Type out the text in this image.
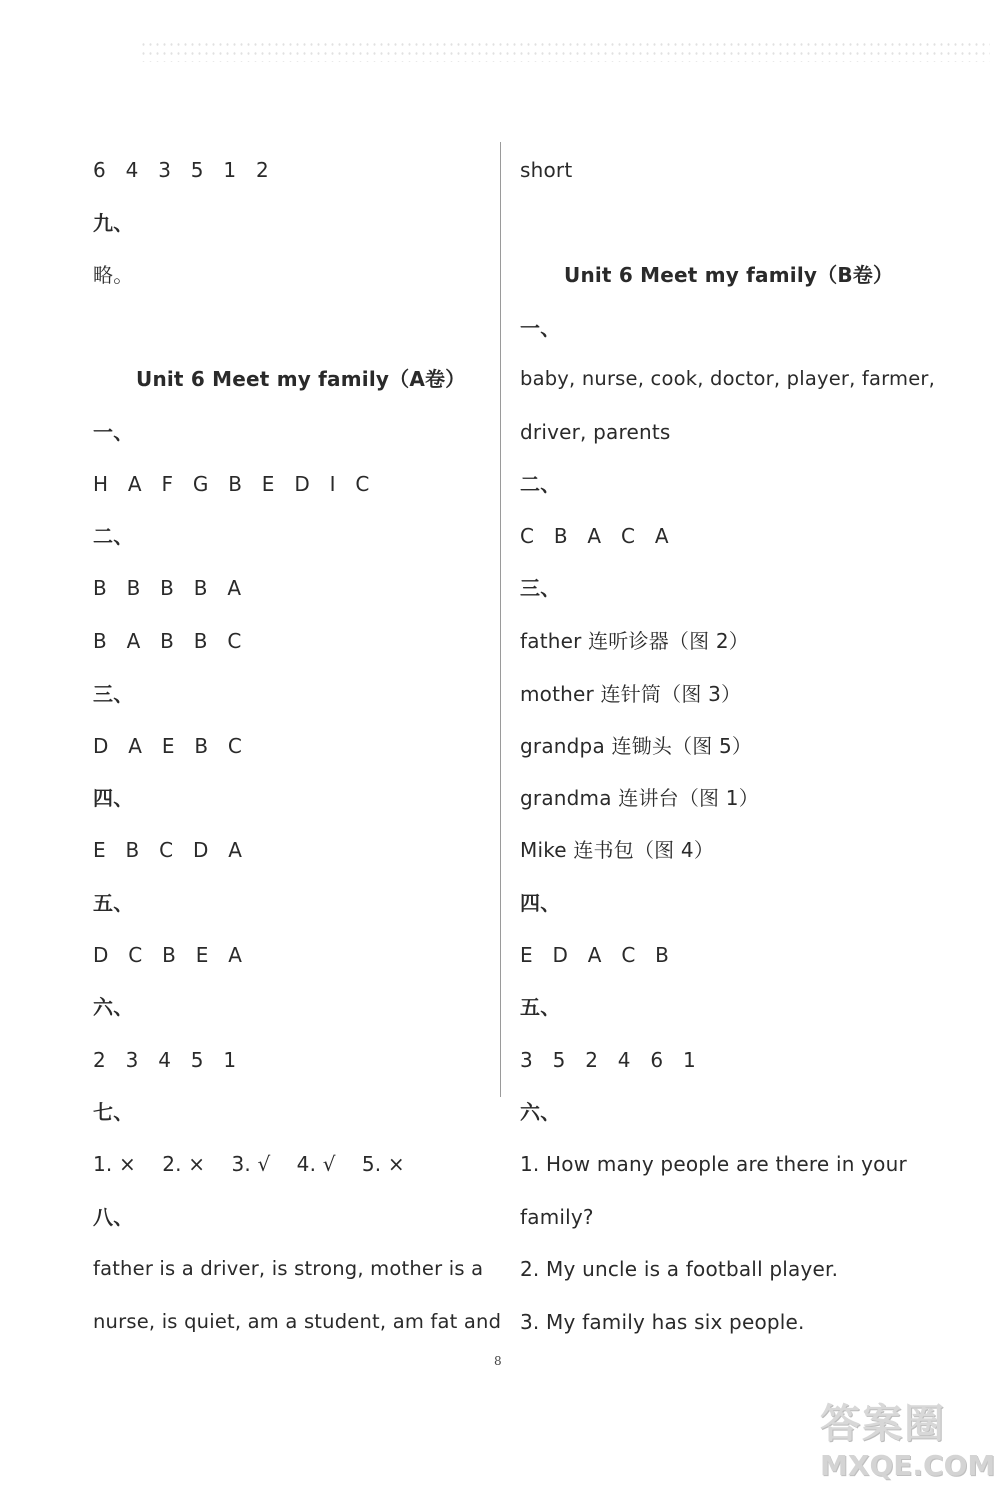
6   4   3   5   1   2
九、
略。
Unit 6 Meet my family（A卷）
一、
H   A   F   G   B   E   D   I   C
二、
B   B   B   B   A
B   A   B   B   C
三、
D   A   E   B   C
四、
E   B   C   D   A
五、
D   C   B   E   A
六、
2   3   4   5   1
七、
1. ×    2. ×    3. √    4. √    5. ×
八、
father is a driver, is strong, mother is a
nurse, is quiet, am a student, am fat and
short
Unit 6 Meet my family（B卷）
一、
baby, nurse, cook, doctor, player, farmer,
driver, parents
二、
C   B   A   C   A
三、
father 连听诊器（图 2）
mother 连针筒（图 3）
grandpa 连锄头（图 5）
grandma 连讲台（图 1）
Mike 连书包（图 4）
四、
E   D   A   C   B
五、
3   5   2   4   6   1
六、
1. How many people are there in your
family?
2. My uncle is a football player.
3. My family has six people.
8
答案圈
MXQE.COM
